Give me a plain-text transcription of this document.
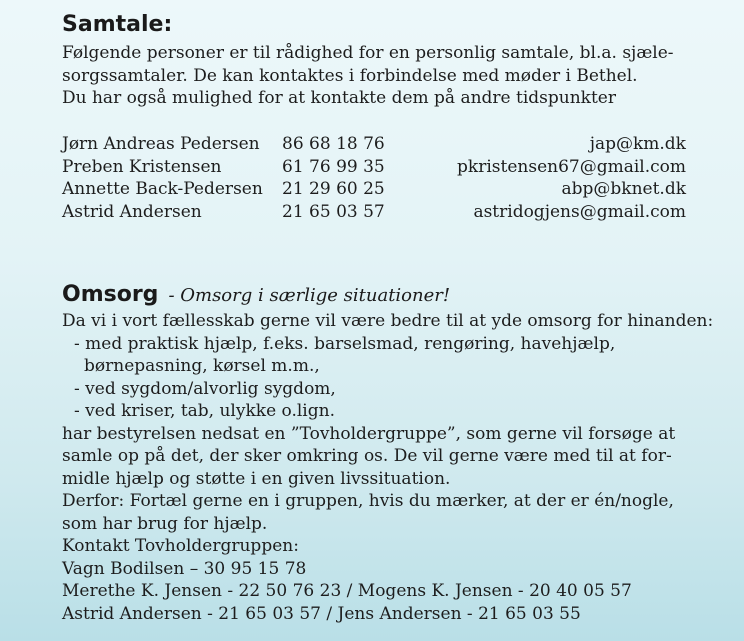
Samtale:
Følgende personer er til rådighed for en personlig samtale, bl.a. sjæle-
sorgssamtaler. De kan kontaktes i forbindelse med møder i Bethel.
Du har også mulighed for at kontakte dem på andre tidspunkter
Jørn Andreas Pedersen	86 68 18 76	jap@km.dk
Preben Kristensen	61 76 99 35	pkristensen67@gmail.com
Annette Back-Pedersen	21 29 60 25	abp@bknet.dk
Astrid Andersen	21 65 03 57	astridogjens@gmail.com
Omsorg - Omsorg i særlige situationer!
Da vi i vort fællesskab gerne vil være bedre til at yde omsorg for hinanden:
- med praktisk hjælp, f.eks. barselsmad, rengøring, havehjælp,
børnepasning, kørsel m.m.,
- ved sygdom/alvorlig sygdom,
- ved kriser, tab, ulykke o.lign.
har bestyrelsen nedsat en ”Tovholdergruppe”, som gerne vil forsøge at
samle op på det, der sker omkring os. De vil gerne være med til at for-
midle hjælp og støtte i en given livssituation.
Derfor: Fortæl gerne en i gruppen, hvis du mærker, at der er én/nogle,
som har brug for hjælp.
Kontakt Tovholdergruppen:
Vagn Bodilsen – 30 95 15 78
Merethe K. Jensen - 22 50 76 23 / Mogens K. Jensen - 20 40 05 57
Astrid Andersen - 21 65 03 57 / Jens Andersen - 21 65 03 55
